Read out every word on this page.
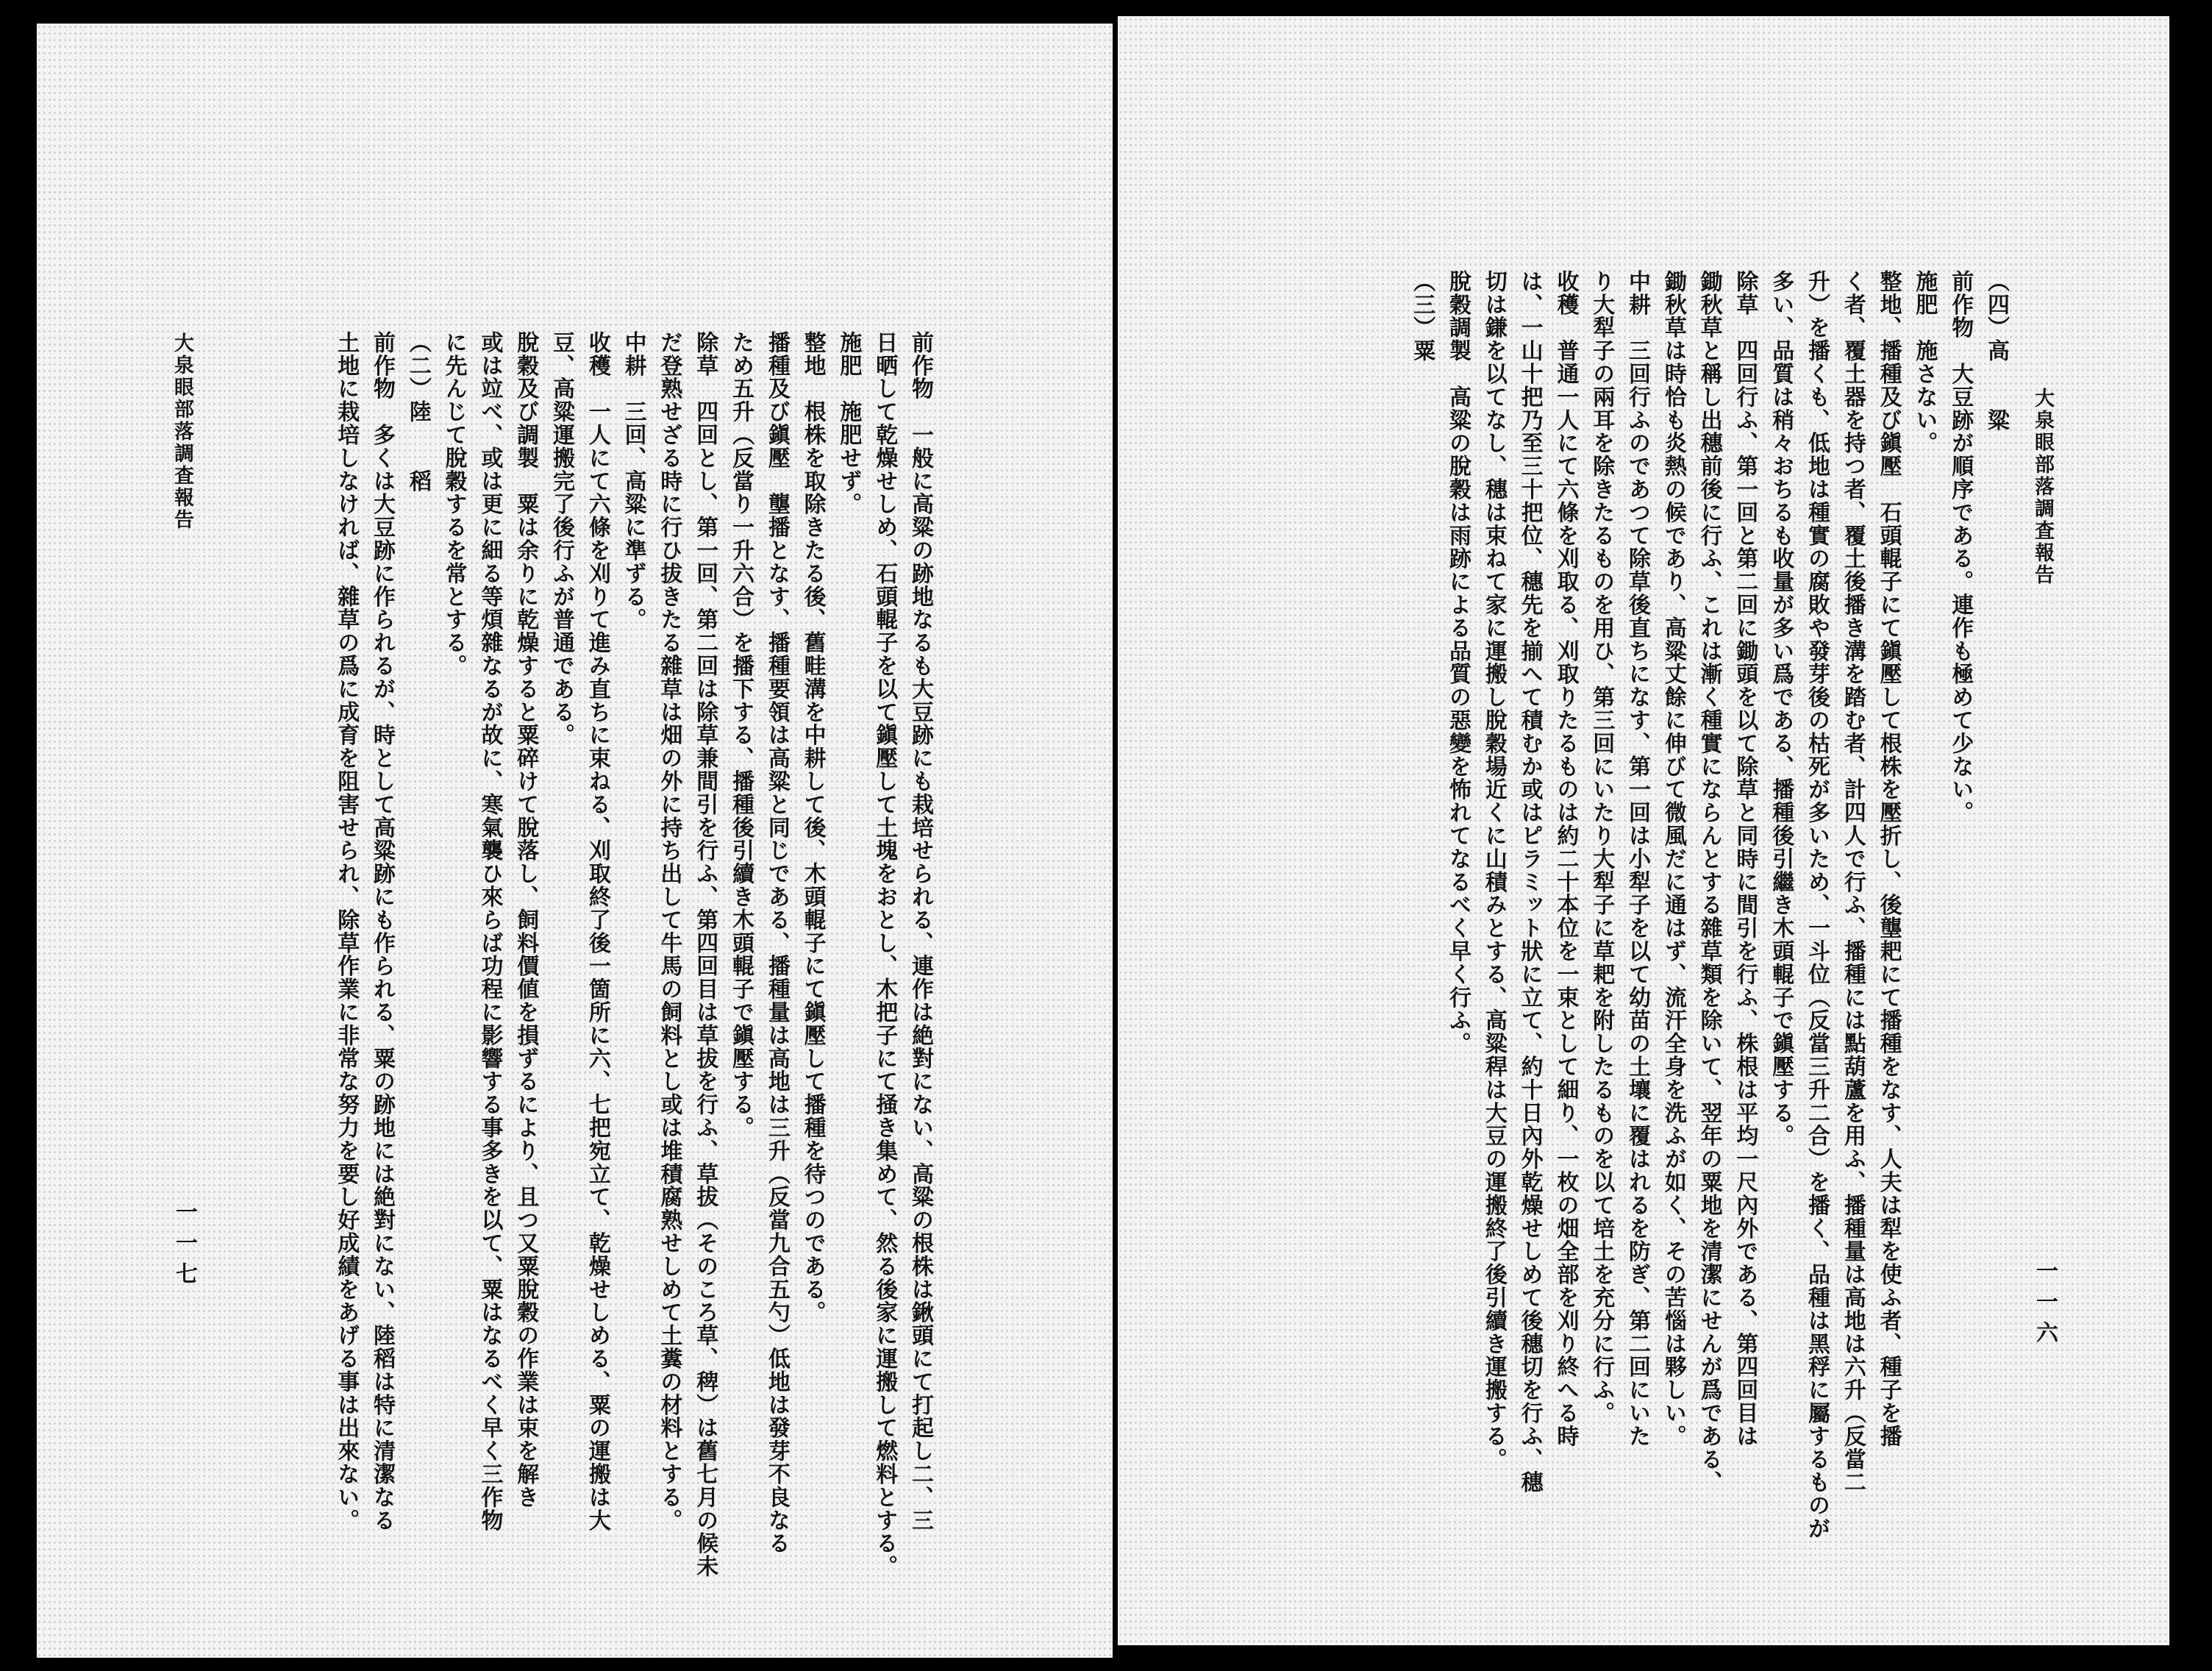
大泉眼部落調査報告
一一七	前作物　一般に高粱の跡地なるも大豆跡にも栽培せられる、連作は絶對にない、高粱の根株は鍬頭にて打起し二、三

日晒して乾燥せしめ、石頭輥子を以て鎭壓して土塊をおとし、木把子にて掻き集めて、然る後家に運搬して燃料とする。

施肥　施肥せず。

整地　根株を取除きたる後、舊畦溝を中耕して後、木頭輥子にて鎭壓して播種を待つのである。

播種及び鎭壓　壟播となす、播種要領は高粱と同じである、播種量は高地は三升（反當九合五勺）低地は發芽不良なる

ため五升（反當り一升六合）を播下する、播種後引續き木頭輥子で鎭壓する。

除草　四回とし、第一回、第二回は除草兼間引を行ふ、第四回目は草拔を行ふ、草拔（そのころ草、稗）は舊七月の候未

だ登熟せざる時に行ひ拔きたる雜草は畑の外に持ち出して牛馬の飼料とし或は堆積腐熟せしめて土糞の材料とする。

中耕　三回、高粱に準ずる。

收穫　一人にて六條を刈りて進み直ちに束ねる、刈取終了後一箇所に六、七把宛立て、乾燥せしめる、粟の運搬は大

豆、高粱運搬完了後行ふが普通である。

脫穀及び調製　粟は余りに乾燥すると粟碎けて脫落し、飼料價値を損ずるにより、且つ又粟脫穀の作業は束を解き

或は竝べ、或は更に細る等煩雜なるが故に、寒氣襲ひ來らば功程に影響する事多きを以て、粟はなるべく早く三作物

に先んじて脫穀するを常とする。

（二）陸　　稻

前作物　多くは大豆跡に作られるが、時として高粱跡にも作られる、粟の跡地には絶對にない、陸稻は特に清潔なる

土地に栽培しなければ、雜草の爲に成育を阻害せられ、除草作業に非常な努力を要し好成績をあげる事は出來ない。	大泉眼部落調査報告
一一六

（四）高　　粱

前作物　大豆跡が順序である。連作も極めて少ない。

施肥　施さない。

整地、播種及び鎭壓　石頭輥子にて鎭壓して根株を壓折し、後壟耙にて播種をなす、人夫は犁を使ふ者、種子を播

く者、覆土器を持つ者、覆土後播き溝を踏む者、計四人で行ふ、播種には點葫蘆を用ふ、播種量は高地は六升（反當二

升）を播くも、低地は種實の腐敗や發芽後の枯死が多いため、一斗位（反當三升二合）を播く、品種は黑稃に屬するものが

多い、品質は稍々おちるも收量が多い爲である、播種後引繼き木頭輥子で鎭壓する。

除草　四回行ふ、第一回と第二回に鋤頭を以て除草と同時に間引を行ふ、株根は平均一尺內外である、第四回目は

鋤秋草と稱し出穗前後に行ふ、これは漸く種實にならんとする雜草類を除いて、翌年の粟地を清潔にせんが爲である、

鋤秋草は時恰も炎熱の候であり、高粱丈餘に伸びて微風だに通はず、流汗全身を洗ふが如く、その苦惱は夥しい。

中耕　三回行ふのであつて除草後直ちになす、第一回は小犁子を以て幼苗の土壤に覆はれるを防ぎ、第二回にいた

り大犁子の兩耳を除きたるものを用ひ、第三回にいたり大犁子に草耙を附したるものを以て培土を充分に行ふ。

收穫　普通一人にて六條を刈取る、刈取りたるものは約二十本位を一束として細り、一枚の畑全部を刈り終へる時

は、一山十把乃至三十把位、穗先を揃へて積むか或はピラミット狀に立て、約十日內外乾燥せしめて後穗切を行ふ、穗

切は鎌を以てなし、穗は束ねて家に運搬し脫穀場近くに山積みとする、高粱稈は大豆の運搬終了後引續き運搬する。

脫穀調製　高粱の脫穀は雨跡による品質の惡變を怖れてなるべく早く行ふ。

（三）粟
